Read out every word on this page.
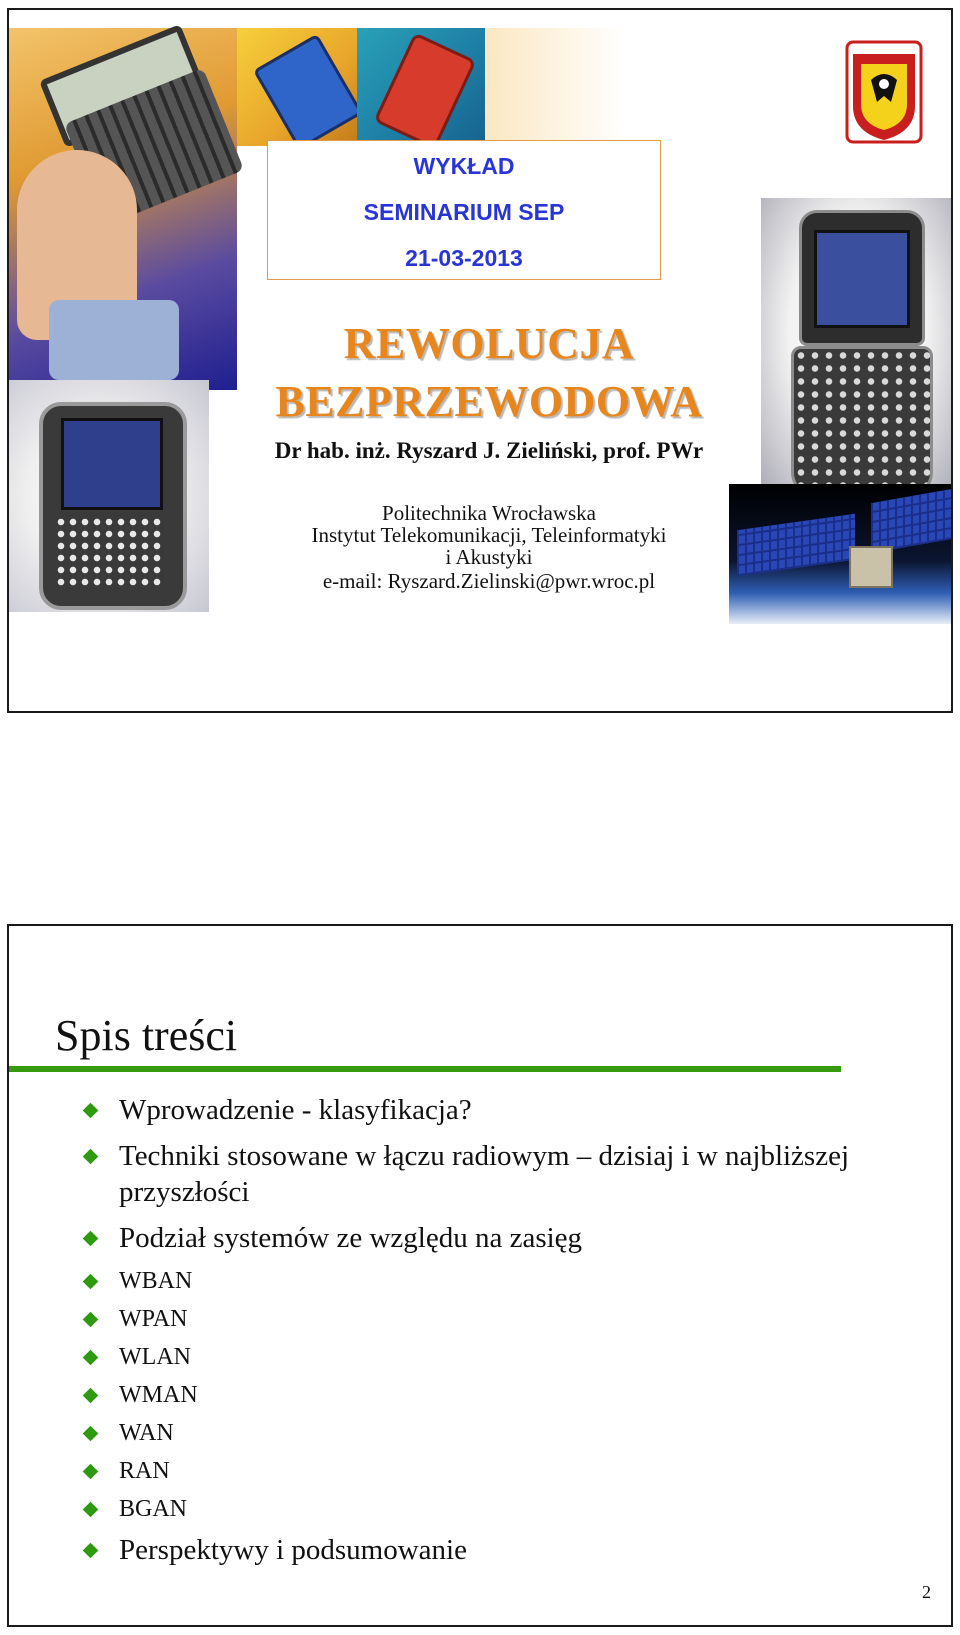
WYKŁAD
SEMINARIUM SEP
21-03-2013
REWOLUCJA
BEZPRZEWODOWA
Dr hab. inż. Ryszard J. Zieliński, prof. PWr
Politechnika Wrocławska
Instytut Telekomunikacji, Teleinformatyki
i Akustyki
e-mail: Ryszard.Zielinski@pwr.wroc.pl
Spis treści
Wprowadzenie - klasyfikacja?
Techniki stosowane w łączu radiowym – dzisiaj i w najbliższej przyszłości
Podział systemów ze względu na zasięg
WBAN
WPAN
WLAN
WMAN
WAN
RAN
BGAN
Perspektywy i podsumowanie
2
